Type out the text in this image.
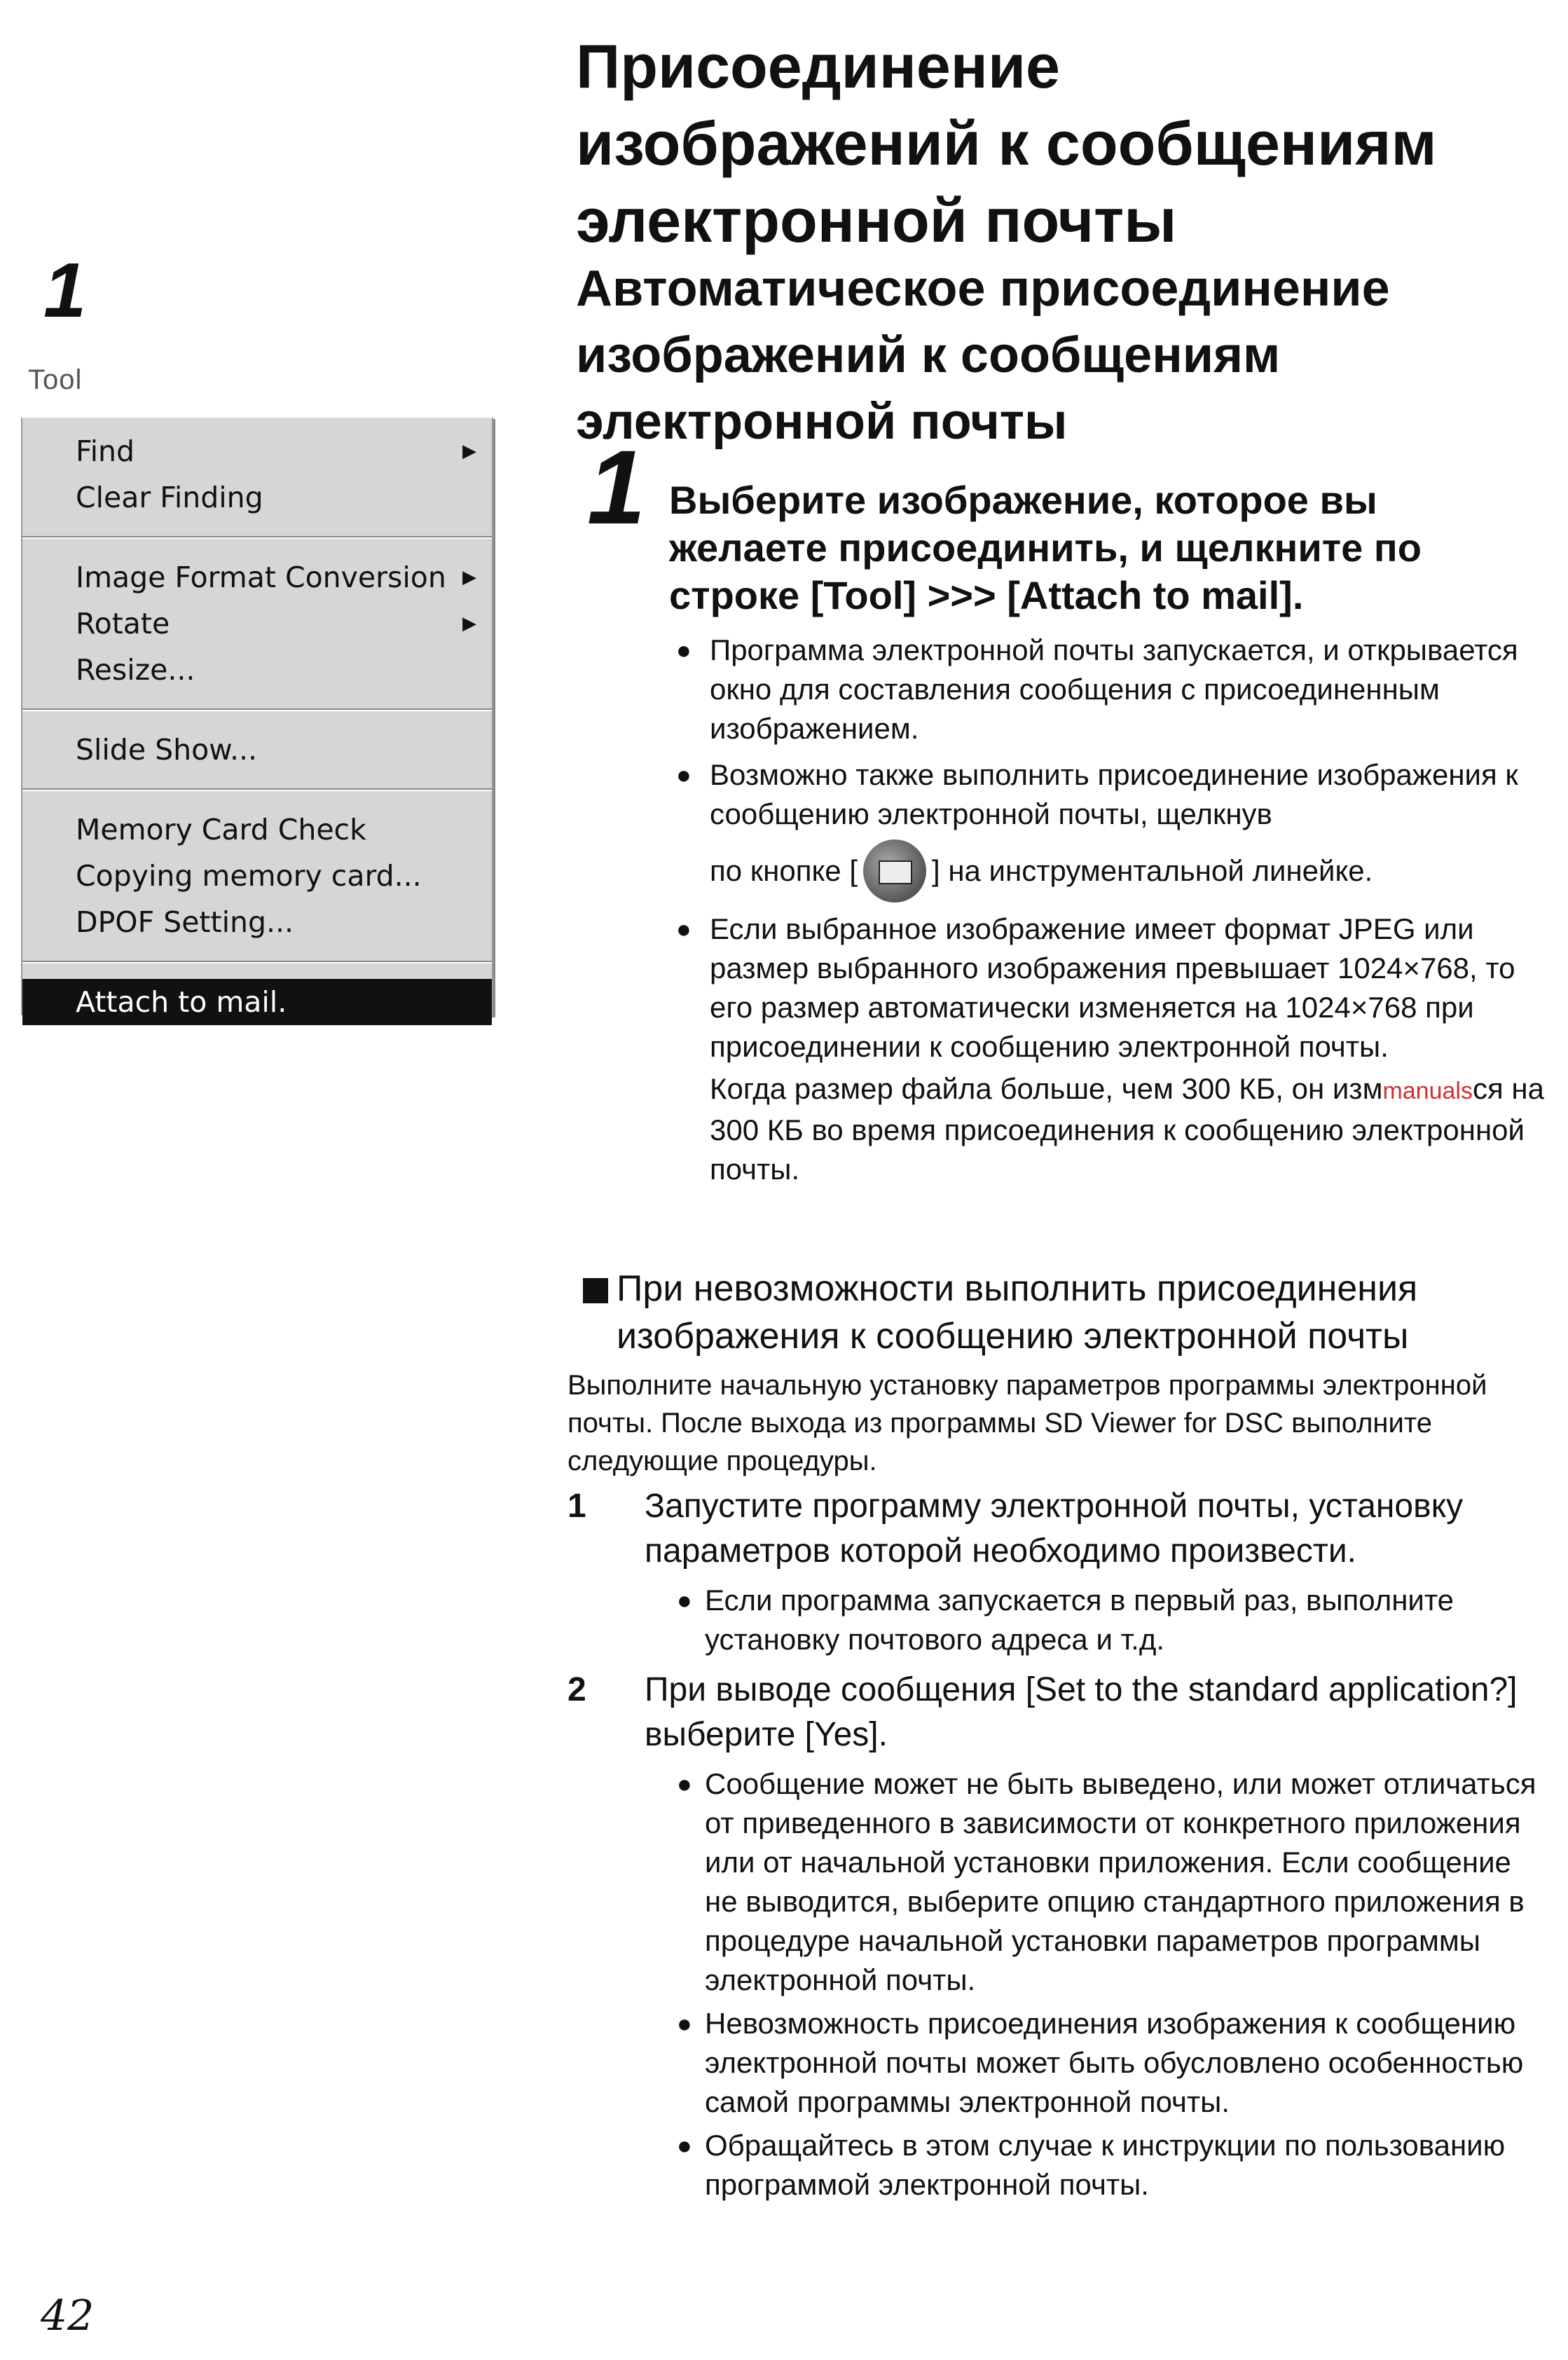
1
Tool
Find	▶
Clear Finding
Image Format Conversion ▶
Rotate	▶
Resize...
Slide Show...
Memory Card Check
Copying memory card...
DPOF Setting...
Attach to mail.
42
Присоединение
изображений к сообщениям
электронной почты
Автоматическое присоединение
изображений к сообщениям
электронной почты
1 Выберите изображение, которое вы желаете присоединить, и щелкните по строке [Tool] >>> [Attach to mail].
● Программа электронной почты запускается, и открывается окно для составления сообщения с присоединенным изображением.
● Возможно также выполнить присоединение изображения к сообщению электронной почты, щелкнув
по кнопке [	] на инструментальной линейке.
● Если выбранное изображение имеет формат JPEG или размер выбранного изображения превышает 1024×768, то его размер автоматически изменяется на 1024×768 при присоединении к сообщению электронной почты.
Когда размер файла больше, чем 300 КБ, он измmanualsся на 300 КБ во время присоединения к сообщению электронной почты.
При невозможности выполнить присоединения
изображения к сообщению электронной почты
Выполните начальную установку параметров программы электронной почты. После выхода из программы SD Viewer for DSC выполните следующие процедуры.
1 Запустите программу электронной почты, установку параметров которой необходимо произвести.
● Если программа запускается в первый раз, выполните установку почтового адреса и т.д.
2 При выводе сообщения [Set to the standard application?] выберите [Yes].
● Сообщение может не быть выведено, или может отличаться от приведенного в зависимости от конкретного приложения или от начальной установки приложения. Если сообщение не выводится, выберите опцию стандартного приложения в процедуре начальной установки параметров программы электронной почты.
● Невозможность присоединения изображения к сообщению электронной почты может быть обусловлено особенностью самой программы электронной почты.
● Обращайтесь в этом случае к инструкции по пользованию программой электронной почты.
